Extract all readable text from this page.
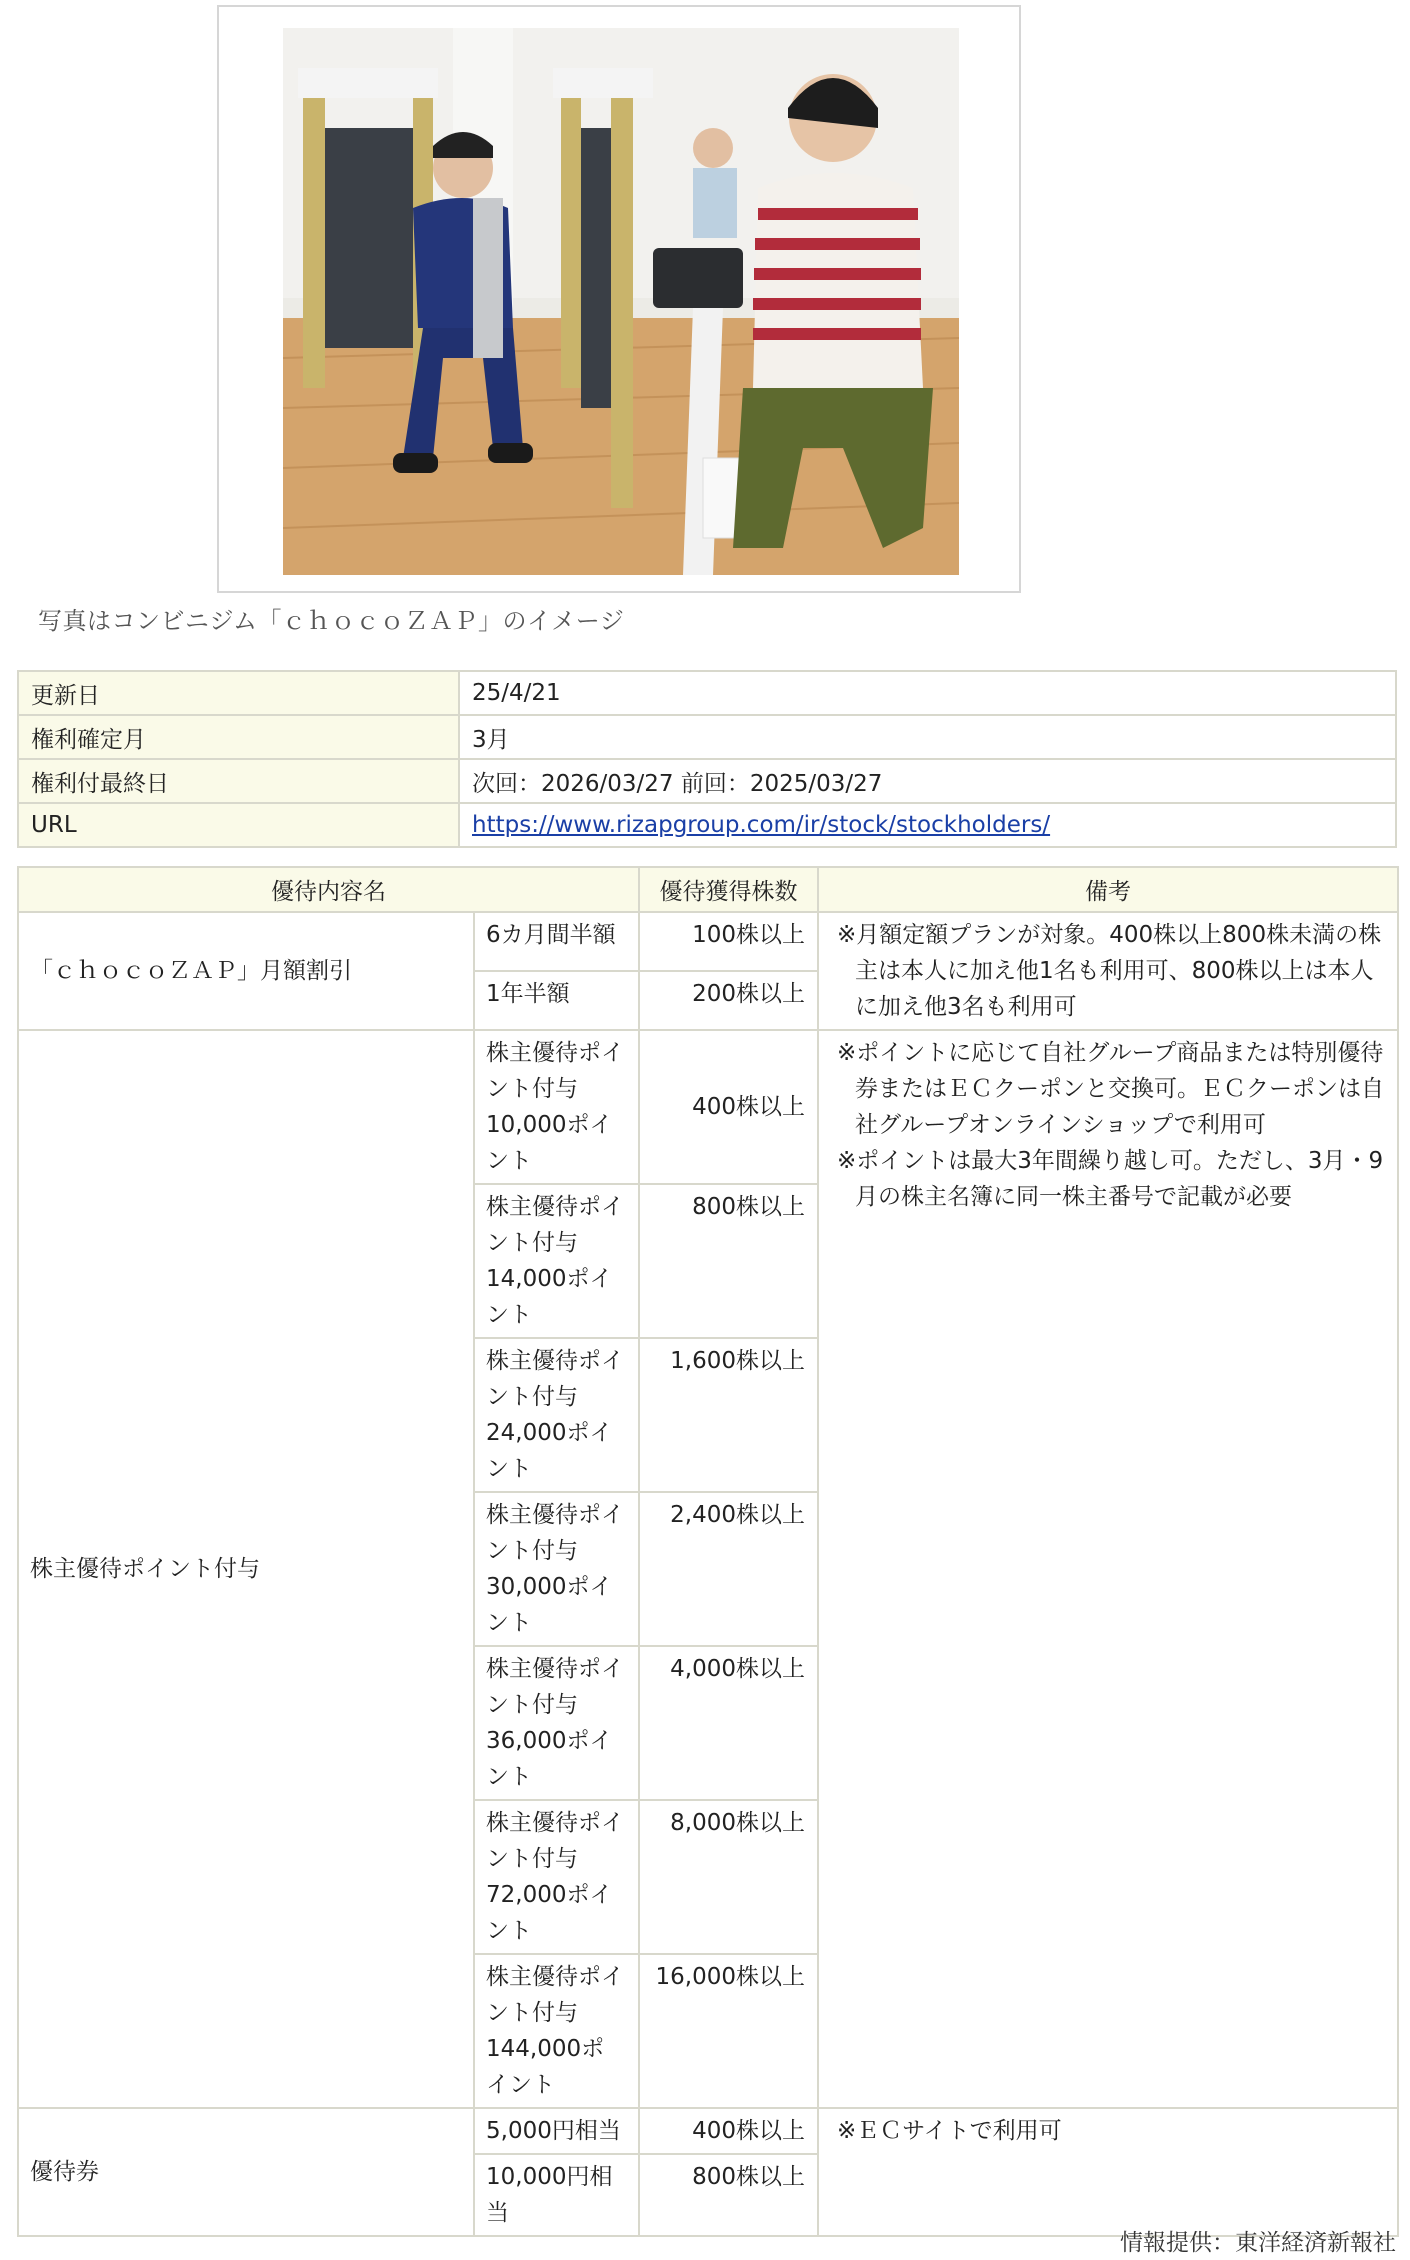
写真はコンビニジム「ｃｈｏｃｏＺＡＰ」のイメージ
更新日	25/4/21
権利確定月	3月
権利付最終日	次回：2026/03/27 前回：2025/03/27
URL	https://www.rizapgroup.com/ir/stock/stockholders/
優待内容名		優待獲得株数	備考
「ｃｈｏｃｏＺＡＰ」月額割引	6カ月間半額	100株以上	※月額定額プランが対象。400株以上800株未満の株主は本人に加え他1名も利用可、800株以上は本人に加え他3名も利用可

	1年半額	200株以上	
株主優待ポイント付与	株主優待ポイント付与10,000ポイント	400株以上	※ポイントに応じて自社グループ商品または特別優待券またはＥＣクーポンと交換可。ＥＣクーポンは自社グループオンラインショップで利用可
※ポイントは最大3年間繰り越し可。ただし、3月・9月の株主名簿に同一株主番号で記載が必要

	株主優待ポイント付与14,000ポイント	800株以上	
	株主優待ポイント付与24,000ポイント	1,600株以上	
	株主優待ポイント付与30,000ポイント	2,400株以上	
	株主優待ポイント付与36,000ポイント	4,000株以上	
	株主優待ポイント付与72,000ポイント	8,000株以上	
	株主優待ポイント付与144,000ポイント	16,000株以上	
優待券	5,000円相当	400株以上	※ＥＣサイトで利用可

	10,000円相当	800株以上	
情報提供：東洋経済新報社
